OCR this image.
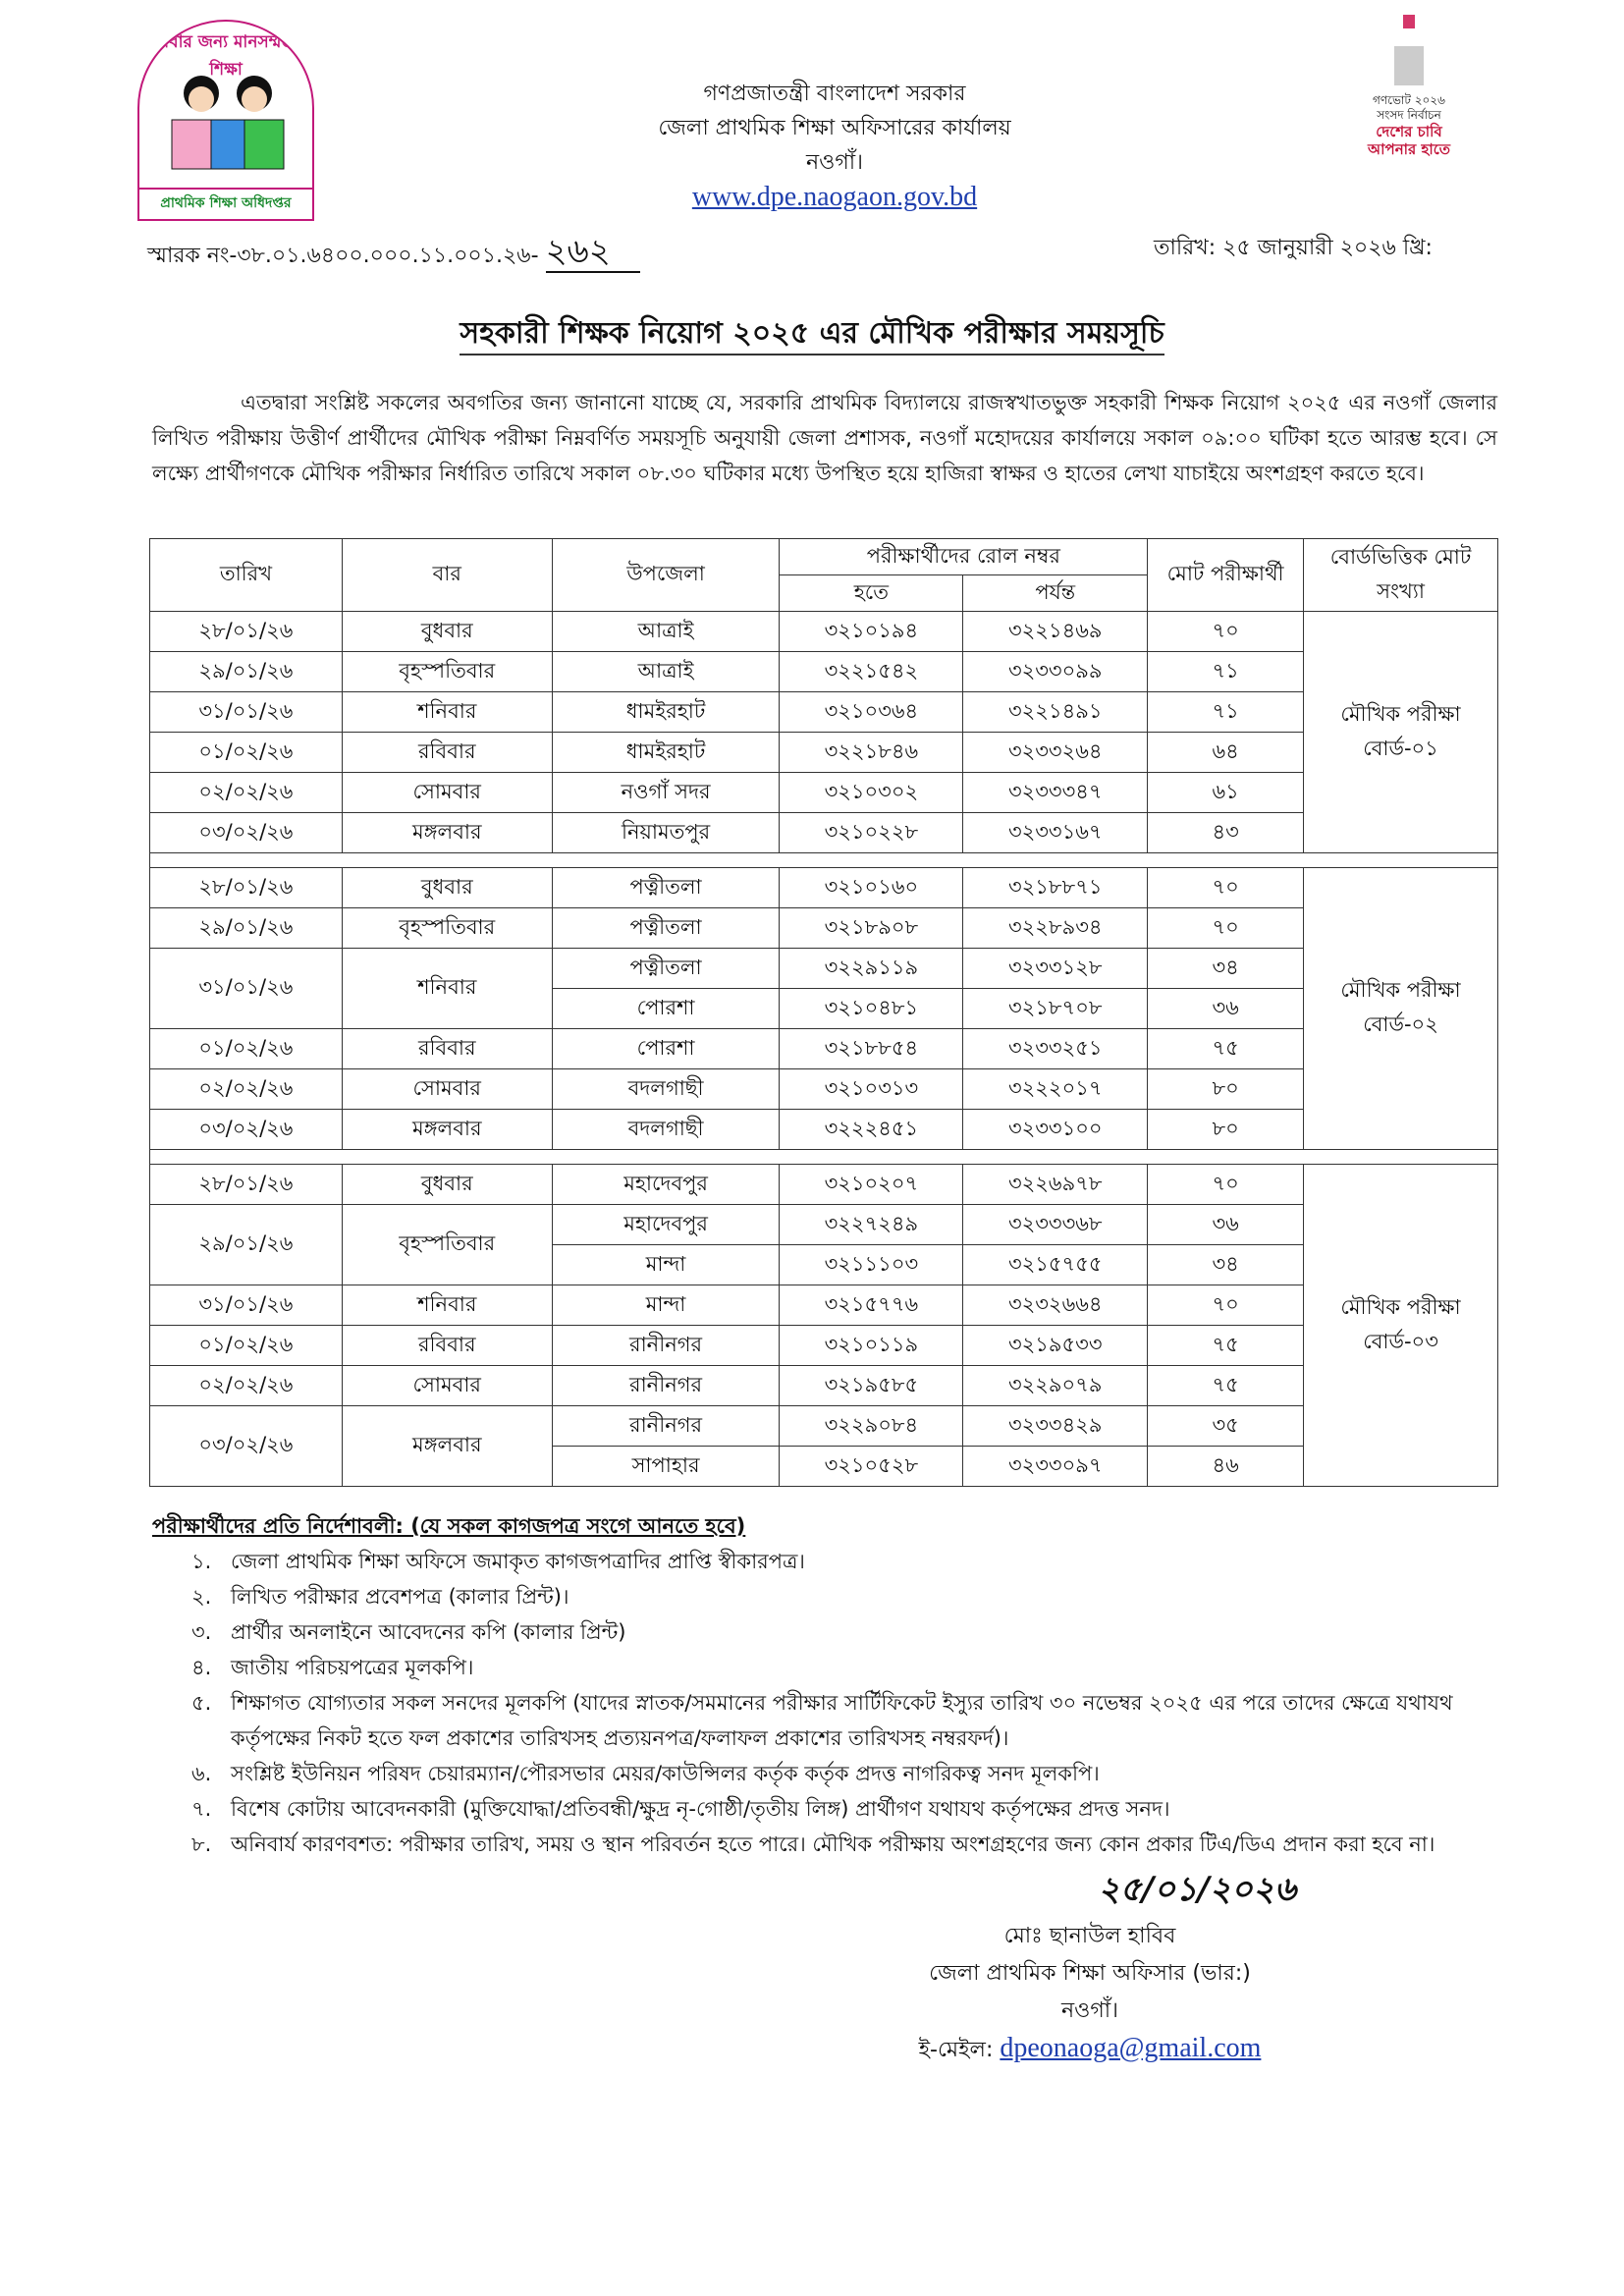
সবার জন্য মানসম্মত শিক্ষা
প্রাথমিক শিক্ষা অধিদপ্তর
গণপ্রজাতন্ত্রী বাংলাদেশ সরকার
জেলা প্রাথমিক শিক্ষা অফিসারের কার্যালয়
নওগাঁ।
www.dpe.naogaon.gov.bd
গণভোট ২০২৬
সংসদ নির্বাচন
দেশের চাবি
আপনার হাতে
স্মারক নং-৩৮.০১.৬৪০০.০০০.১১.০০১.২৬- ২৬২	তারিখ: ২৫ জানুয়ারী ২০২৬ খ্রি:
সহকারী শিক্ষক নিয়োগ ২০২৫ এর মৌখিক পরীক্ষার সময়সূচি
এতদ্বারা সংশ্লিষ্ট সকলের অবগতির জন্য জানানো যাচ্ছে যে, সরকারি প্রাথমিক বিদ্যালয়ে রাজস্বখাতভুক্ত সহকারী শিক্ষক নিয়োগ ২০২৫ এর নওগাঁ জেলার লিখিত পরীক্ষায় উত্তীর্ণ প্রার্থীদের মৌখিক পরীক্ষা নিম্নবর্ণিত সময়সূচি অনুযায়ী জেলা প্রশাসক, নওগাঁ মহোদয়ের কার্যালয়ে সকাল ০৯:০০ ঘটিকা হতে আরম্ভ হবে। সে লক্ষ্যে প্রার্থীগণকে মৌখিক পরীক্ষার নির্ধারিত তারিখে সকাল ০৮.৩০ ঘটিকার মধ্যে উপস্থিত হয়ে হাজিরা স্বাক্ষর ও হাতের লেখা যাচাইয়ে অংশগ্রহণ করতে হবে।
তারিখ	বার	উপজেলা	পরীক্ষার্থীদের রোল নম্বর		মোট পরীক্ষার্থী	বোর্ডভিত্তিক মোট সংখ্যা
			হতে	পর্যন্ত		
২৮/০১/২৬	বুধবার	আত্রাই	৩২১০১৯৪	৩২২১৪৬৯	৭০	মৌখিক পরীক্ষা বোর্ড-০১
২৯/০১/২৬	বৃহস্পতিবার	আত্রাই	৩২২১৫৪২	৩২৩৩০৯৯	৭১	
৩১/০১/২৬	শনিবার	ধামইরহাট	৩২১০৩৬৪	৩২২১৪৯১	৭১	
০১/০২/২৬	রবিবার	ধামইরহাট	৩২২১৮৪৬	৩২৩৩২৬৪	৬৪	
০২/০২/২৬	সোমবার	নওগাঁ সদর	৩২১০৩০২	৩২৩৩৩৪৭	৬১	
০৩/০২/২৬	মঙ্গলবার	নিয়ামতপুর	৩২১০২২৮	৩২৩৩১৬৭	৪৩	

২৮/০১/২৬	বুধবার	পত্নীতলা	৩২১০১৬০	৩২১৮৮৭১	৭০	মৌখিক পরীক্ষা বোর্ড-০২
২৯/০১/২৬	বৃহস্পতিবার	পত্নীতলা	৩২১৮৯০৮	৩২২৮৯৩৪	৭০	
৩১/০১/২৬	শনিবার	পত্নীতলা	৩২২৯১১৯	৩২৩৩১২৮	৩৪	
		পোরশা	৩২১০৪৮১	৩২১৮৭০৮	৩৬	
০১/০২/২৬	রবিবার	পোরশা	৩২১৮৮৫৪	৩২৩৩২৫১	৭৫	
০২/০২/২৬	সোমবার	বদলগাছী	৩২১০৩১৩	৩২২২০১৭	৮০	
০৩/০২/২৬	মঙ্গলবার	বদলগাছী	৩২২২৪৫১	৩২৩৩১০০	৮০	

২৮/০১/২৬	বুধবার	মহাদেবপুর	৩২১০২০৭	৩২২৬৯৭৮	৭০	মৌখিক পরীক্ষা বোর্ড-০৩
২৯/০১/২৬	বৃহস্পতিবার	মহাদেবপুর	৩২২৭২৪৯	৩২৩৩৩৬৮	৩৬	
		মান্দা	৩২১১১০৩	৩২১৫৭৫৫	৩৪	
৩১/০১/২৬	শনিবার	মান্দা	৩২১৫৭৭৬	৩২৩২৬৬৪	৭০	
০১/০২/২৬	রবিবার	রানীনগর	৩২১০১১৯	৩২১৯৫৩৩	৭৫	
০২/০২/২৬	সোমবার	রানীনগর	৩২১৯৫৮৫	৩২২৯০৭৯	৭৫	
০৩/০২/২৬	মঙ্গলবার	রানীনগর	৩২২৯০৮৪	৩২৩৩৪২৯	৩৫	
		সাপাহার	৩২১০৫২৮	৩২৩৩০৯৭	৪৬	
পরীক্ষার্থীদের প্রতি নির্দেশাবলী: (যে সকল কাগজপত্র সংগে আনতে হবে)
১. জেলা প্রাথমিক শিক্ষা অফিসে জমাকৃত কাগজপত্রাদির প্রাপ্তি স্বীকারপত্র।
২. লিখিত পরীক্ষার প্রবেশপত্র (কালার প্রিন্ট)।
৩. প্রার্থীর অনলাইনে আবেদনের কপি (কালার প্রিন্ট)
৪. জাতীয় পরিচয়পত্রের মূলকপি।
৫. শিক্ষাগত যোগ্যতার সকল সনদের মূলকপি (যাদের স্নাতক/সমমানের পরীক্ষার সার্টিফিকেট ইস্যুর তারিখ ৩০ নভেম্বর ২০২৫ এর পরে তাদের ক্ষেত্রে যথাযথ কর্তৃপক্ষের নিকট হতে ফল প্রকাশের তারিখসহ প্রত্যয়নপত্র/ফলাফল প্রকাশের তারিখসহ নম্বরফর্দ)।
৬. সংশ্লিষ্ট ইউনিয়ন পরিষদ চেয়ারম্যান/পৌরসভার মেয়র/কাউন্সিলর কর্তৃক কর্তৃক প্রদত্ত নাগরিকত্ব সনদ মূলকপি।
৭. বিশেষ কোটায় আবেদনকারী (মুক্তিযোদ্ধা/প্রতিবন্ধী/ক্ষুদ্র নৃ-গোষ্ঠী/তৃতীয় লিঙ্গ) প্রার্থীগণ যথাযথ কর্তৃপক্ষের প্রদত্ত সনদ।
৮. অনিবার্য কারণবশত: পরীক্ষার তারিখ, সময় ও স্থান পরিবর্তন হতে পারে। মৌখিক পরীক্ষায় অংশগ্রহণের জন্য কোন প্রকার টিএ/ডিএ প্রদান করা হবে না।
২৫/০১/২০২৬
মোঃ ছানাউল হাবিব
জেলা প্রাথমিক শিক্ষা অফিসার (ভার:)
নওগাঁ।
ই-মেইল: dpeonaoga@gmail.com
